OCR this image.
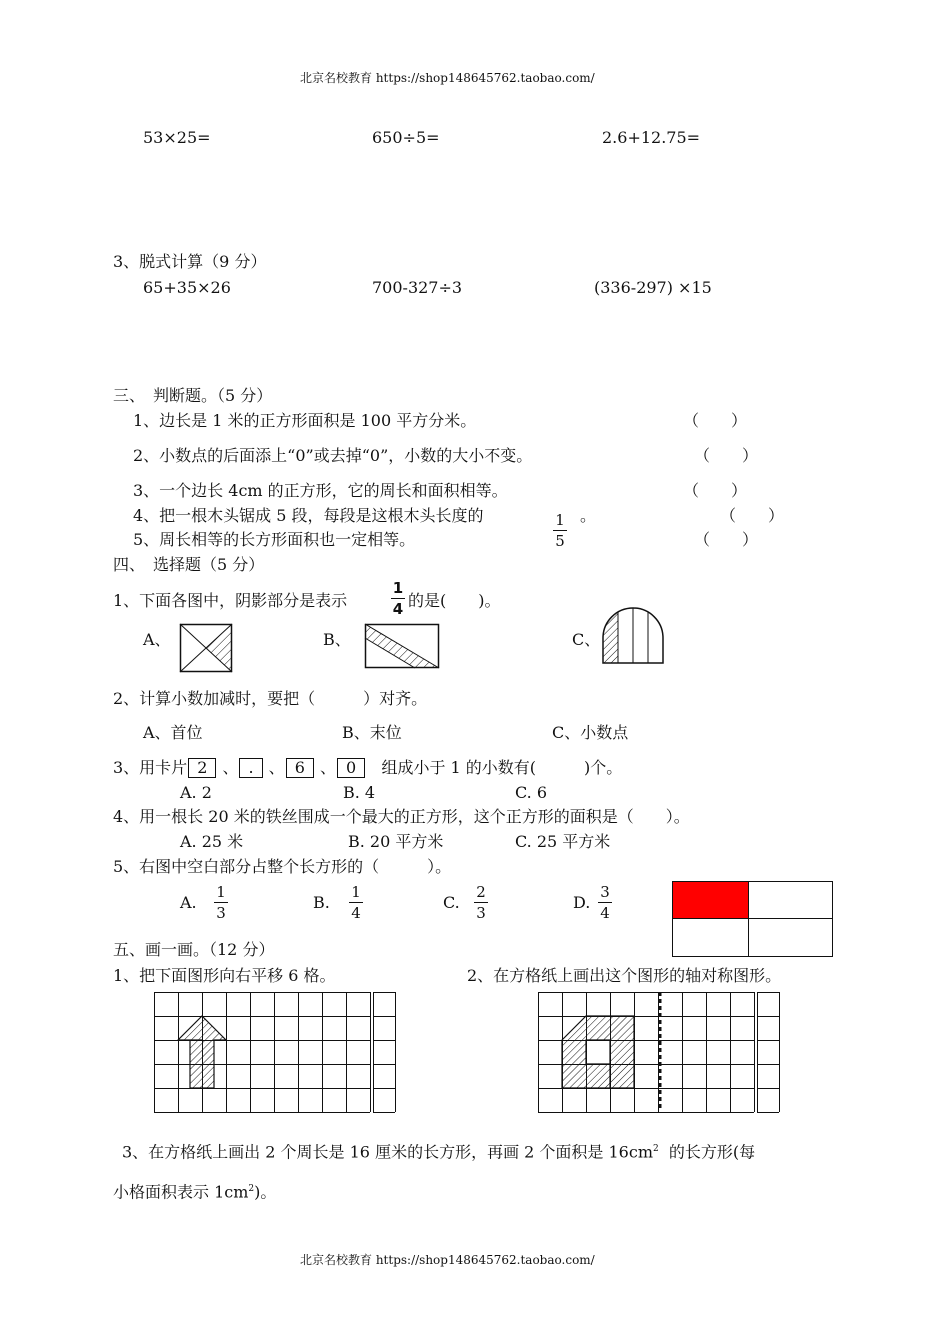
北京名校教育 https://shop148645762.taobao.com/
53×25=	650÷5=	2.6+12.75=
3、脱式计算（9 分）
65+35×26	700-327÷3	(336-297) ×15
三、　判断题。（5 分）
1、边长是 1 米的正方形面积是 100 平方分米。	（　　）
2、小数点的后面添上“0”或去掉“0”，小数的大小不变。	（　　）
3、一个边长 4cm 的正方形，它的周长和面积相等。	（　　）
4、把一根木头锯成 5 段，每段是这根木头长度的	1
5
。	（　　）
5、周长相等的长方形面积也一定相等。	（　　）
四、　选择题（5 分）
1、下面各图中，阴影部分是表示
1
4 的是(　　)。
A、	B、	C、
2、计算小数加减时，要把（　　　）对齐。
A、首位	B、末位	C、小数点
3、用卡片 2 、 . 、 6 、 0 组成小于 1 的小数有(　　　)个。
A. 2	B. 4	C. 6
4、用一根长 20 米的铁丝围成一个最大的正方形，这个正方形的面积是（　　）。
A. 25 米	B. 20 平方米	C. 25 平方米
5、右图中空白部分占整个长方形的（　　　）。
A.
1
3
B.
1
4
C.
2
3
D.
3
4
五、画一画。（12 分）
1、把下面图形向右平移 6 格。	2、在方格纸上画出这个图形的轴对称图形。
3、在方格纸上画出 2 个周长是 16 厘米的长方形，再画 2 个面积是 $16cm^2$ 的长方形(每
小格面积表示 $1cm^2$)。
北京名校教育 https://shop148645762.taobao.com/
